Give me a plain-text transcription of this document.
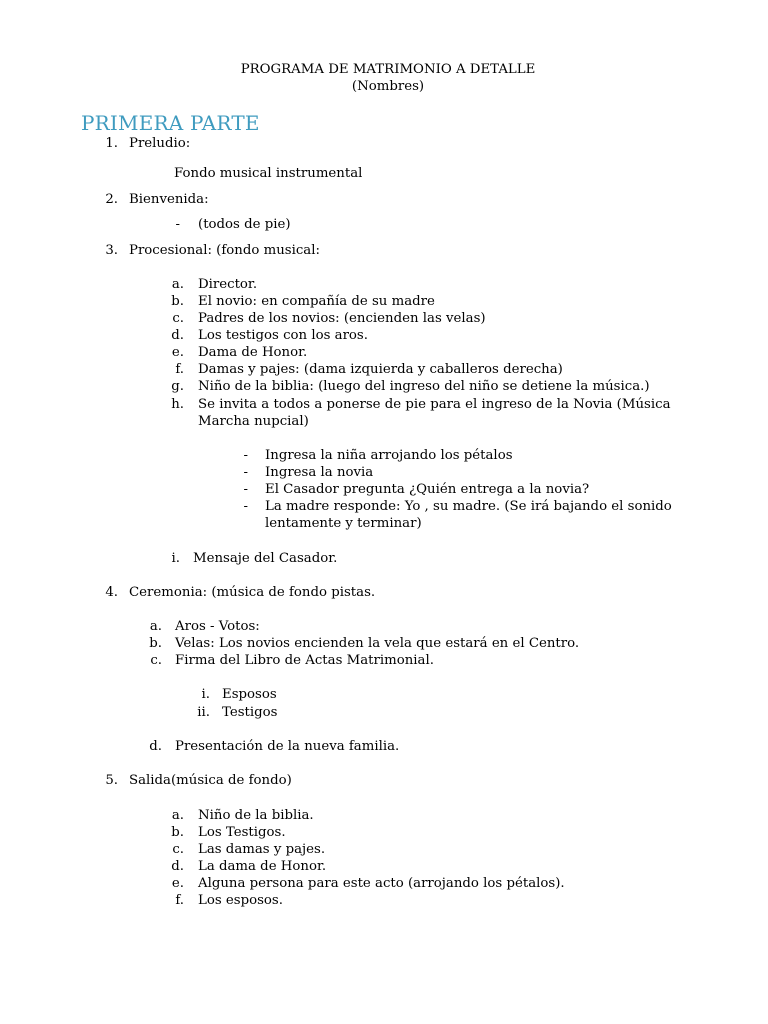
PROGRAMA DE MATRIMONIO A DETALLE
(Nombres)
PRIMERA PARTE
1. Preludio:
Fondo musical instrumental
2. Bienvenida:
- (todos de pie)
3. Procesional: (fondo musical:
a. Director.
b. El novio: en compañía de su madre
c. Padres de los novios: (encienden las velas)
d. Los testigos con los aros.
e. Dama de Honor.
f. Damas y pajes: (dama izquierda y caballeros derecha)
g. Niño de la biblia: (luego del ingreso del niño se detiene la música.)
h. Se invita a todos a ponerse de pie para el ingreso de la Novia (Música
Marcha nupcial)
- Ingresa la niña arrojando los pétalos
- Ingresa la novia
- El Casador pregunta ¿Quién entrega a la novia?
- La madre responde: Yo , su madre. (Se irá bajando el sonido
lentamente y terminar)
i. Mensaje del Casador.
4. Ceremonia: (música de fondo pistas.
a. Aros - Votos:
b. Velas: Los novios encienden la vela que estará en el Centro.
c. Firma del Libro de Actas Matrimonial.
i. Esposos
ii. Testigos
d. Presentación de la nueva familia.
5. Salida(música de fondo)
a. Niño de la biblia.
b. Los Testigos.
c. Las damas y pajes.
d. La dama de Honor.
e. Alguna persona para este acto (arrojando los pétalos).
f. Los esposos.
